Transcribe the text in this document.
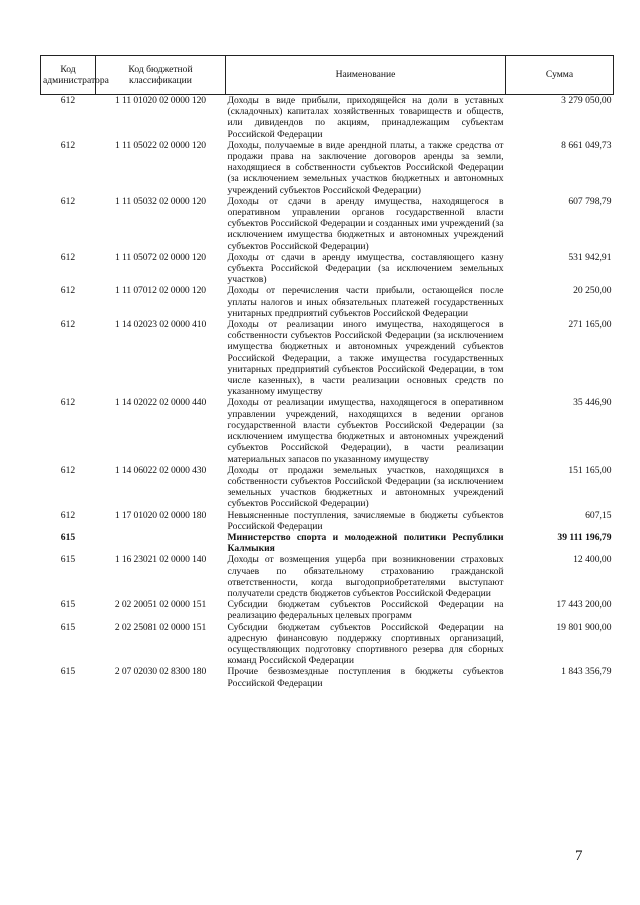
Код администратора	Код бюджетной классификации	Наименование	Сумма
612	1 11 01020 02 0000 120	Доходы в виде прибыли, приходящейся на доли в уставных (складочных) капиталах хозяйственных товариществ и обществ, или дивидендов по акциям, принадлежащим субъектам Российской Федерации	3 279 050,00
612	1 11 05022 02 0000 120	Доходы, получаемые в виде арендной платы, а также средства от продажи права на заключение договоров аренды за земли, находящиеся в собственности субъектов Российской Федерации (за исключением земельных участков бюджетных и автономных учреждений субъектов Российской Федерации)	8 661 049,73
612	1 11 05032 02 0000 120	Доходы от сдачи в аренду имущества, находящегося в оперативном управлении органов государственной власти субъектов Российской Федерации и созданных ими учреждений (за исключением имущества бюджетных и автономных учреждений субъектов Российской Федерации)	607 798,79
612	1 11 05072 02 0000 120	Доходы от сдачи в аренду имущества, составляющего казну субъекта Российской Федерации (за исключением земельных участков)	531 942,91
612	1 11 07012 02 0000 120	Доходы от перечисления части прибыли, остающейся после уплаты налогов и иных обязательных платежей государственных унитарных предприятий субъектов Российской Федерации	20 250,00
612	1 14 02023 02 0000 410	Доходы от реализации иного имущества, находящегося в собственности субъектов Российской Федерации (за исключением имущества бюджетных и автономных учреждений субъектов Российской Федерации, а также имущества государственных унитарных предприятий субъектов Российской Федерации, в том числе казенных), в части реализации основных средств по указанному имуществу	271 165,00
612	1 14 02022 02 0000 440	Доходы от реализации имущества, находящегося в оперативном управлении учреждений, находящихся в ведении органов государственной власти субъектов Российской Федерации (за исключением имущества бюджетных и автономных учреждений субъектов Российской Федерации), в части реализации материальных запасов по указанному имуществу	35 446,90
612	1 14 06022 02 0000 430	Доходы от продажи земельных участков, находящихся в собственности субъектов Российской Федерации (за исключением земельных участков бюджетных и автономных учреждений субъектов Российской Федерации)	151 165,00
612	1 17 01020 02 0000 180	Невыясненные поступления, зачисляемые в бюджеты субъектов Российской Федерации	607,15
615		Министерство спорта и молодежной политики Республики Калмыкия	39 111 196,79
615	1 16 23021 02 0000 140	Доходы от возмещения ущерба при возникновении страховых случаев по обязательному страхованию гражданской ответственности, когда выгодоприобретателями выступают получатели средств бюджетов субъектов Российской Федерации	12 400,00
615	2 02 20051 02 0000 151	Субсидии бюджетам субъектов Российской Федерации на реализацию федеральных целевых программ	17 443 200,00
615	2 02 25081 02 0000 151	Субсидии бюджетам субъектов Российской Федерации на адресную финансовую поддержку спортивных организаций, осуществляющих подготовку спортивного резерва для сборных команд Российской Федерации	19 801 900,00
615	2 07 02030 02 8300 180	Прочие безвозмездные поступления в бюджеты субъектов Российской Федерации	1 843 356,79
7
